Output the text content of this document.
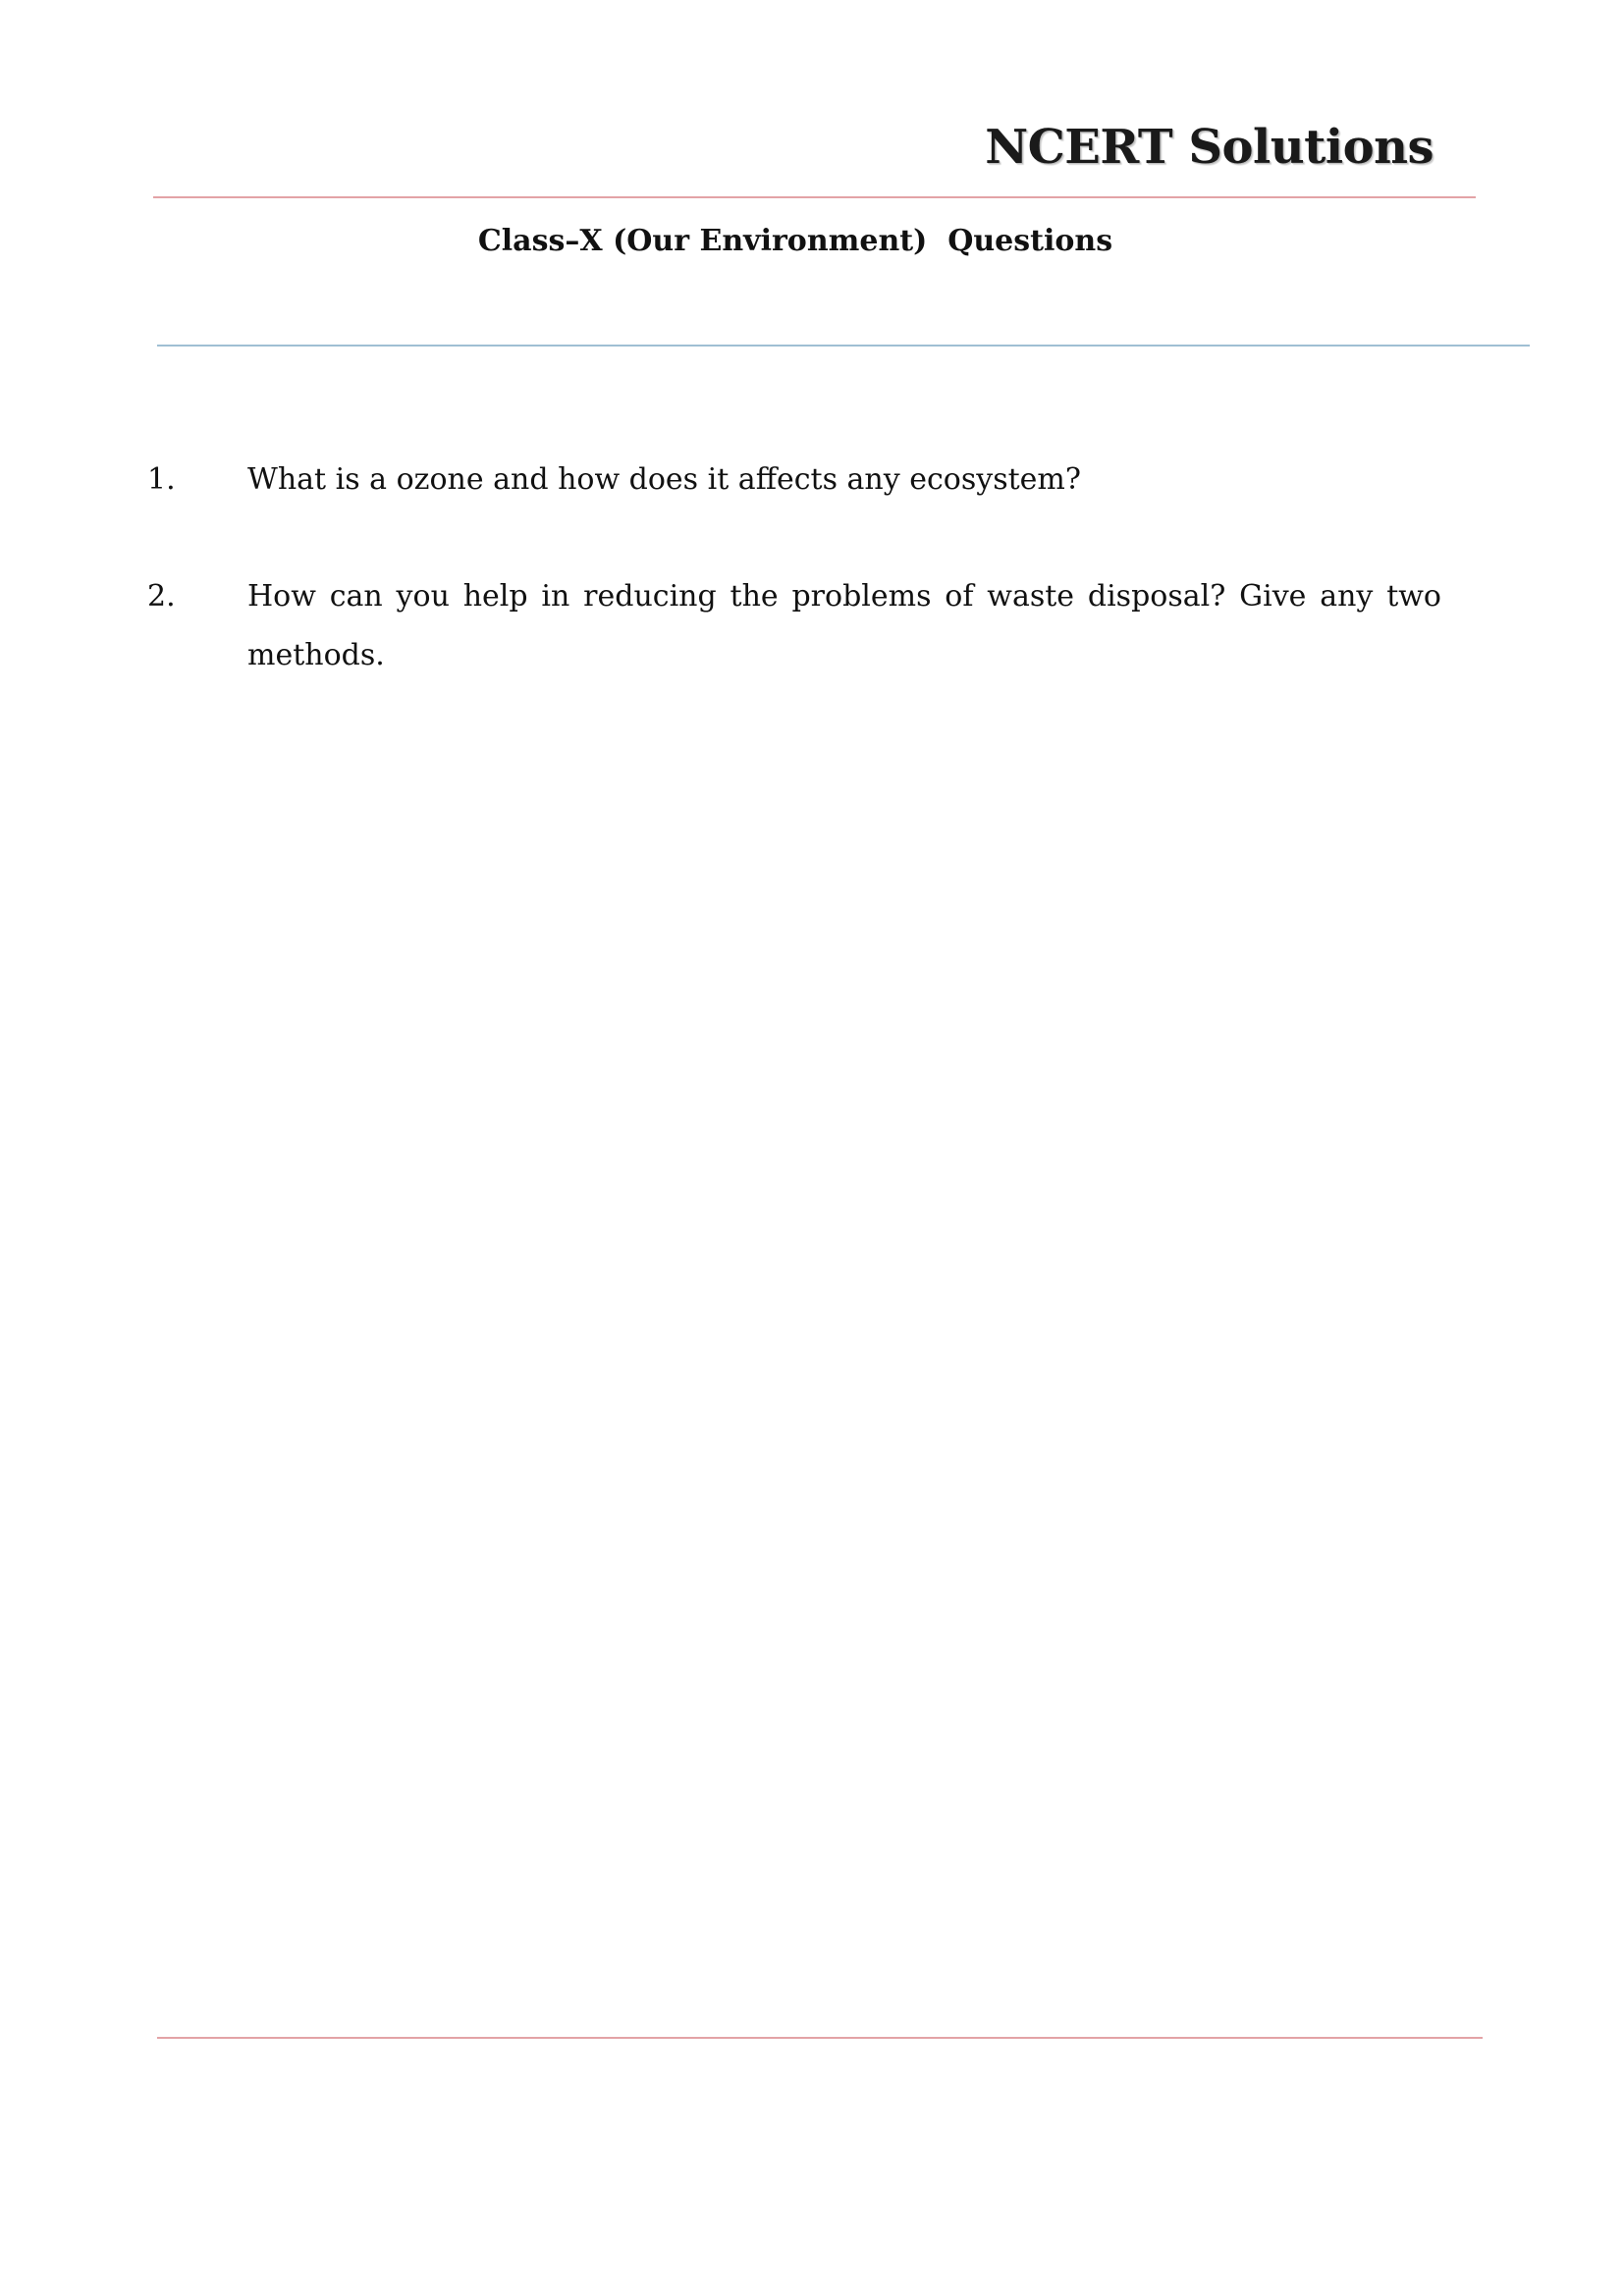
NCERT Solutions
Class–X (Our Environment)  Questions
1.	What is a ozone and how does it affects any ecosystem?
2.	How can you help in reducing the problems of waste disposal? Give any two methods.
